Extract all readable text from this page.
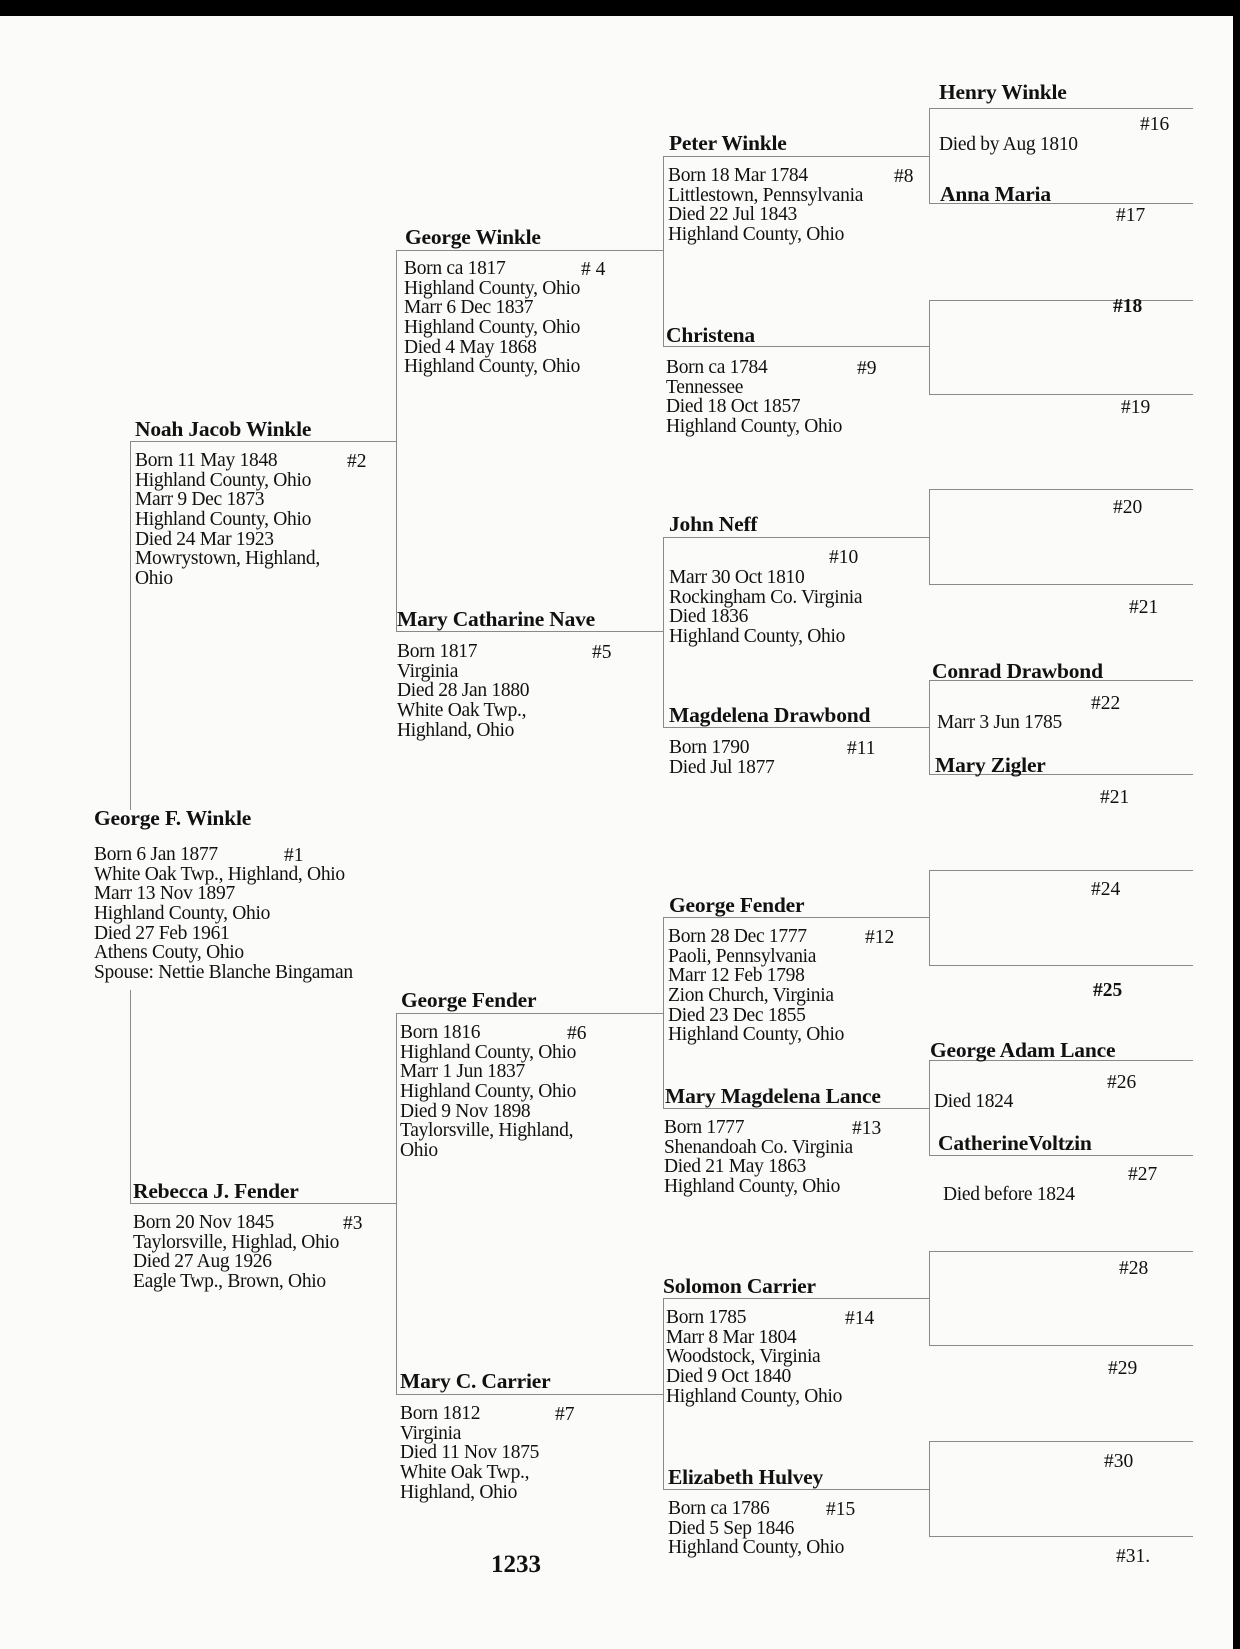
George F. Winkle
Born 6 Jan 1877
White Oak Twp., Highland, Ohio
Marr 13 Nov 1897
Highland County, Ohio
Died 27 Feb 1961
Athens Couty, Ohio
Spouse: Nettie Blanche Bingaman
#1
Noah Jacob Winkle
Born 11 May 1848
Highland County, Ohio
Marr 9 Dec 1873
Highland County, Ohio
Died 24 Mar 1923
Mowrystown, Highland,
Ohio
#2
Rebecca J. Fender
Born 20 Nov 1845
Taylorsville, Highlad, Ohio
Died 27 Aug 1926
Eagle Twp., Brown, Ohio
#3
George Winkle
Born ca 1817
Highland County, Ohio
Marr 6 Dec 1837
Highland County, Ohio
Died 4 May 1868
Highland County, Ohio
# 4
Mary Catharine Nave
Born 1817
Virginia
Died 28 Jan 1880
White Oak Twp.,
Highland, Ohio
#5
George Fender
Born 1816
Highland County, Ohio
Marr 1 Jun 1837
Highland County, Ohio
Died 9 Nov 1898
Taylorsville, Highland,
Ohio
#6
Mary C. Carrier
Born 1812
Virginia
Died 11 Nov 1875
White Oak Twp.,
Highland, Ohio
#7
Peter Winkle
Born 18 Mar 1784
Littlestown, Pennsylvania
Died 22 Jul 1843
Highland County, Ohio
#8
Christena
Born ca 1784
Tennessee
Died 18 Oct 1857
Highland County, Ohio
#9
John Neff
#10
Marr 30 Oct 1810
Rockingham Co. Virginia
Died 1836
Highland County, Ohio
Magdelena Drawbond
Born 1790
Died Jul 1877
#11
George Fender
Born 28 Dec 1777
Paoli, Pennsylvania
Marr 12 Feb 1798
Zion Church, Virginia
Died 23 Dec 1855
Highland County, Ohio
#12
Mary Magdelena Lance
Born 1777
Shenandoah Co. Virginia
Died 21 May 1863
Highland County, Ohio
#13
Solomon Carrier
Born 1785
Marr 8 Mar 1804
Woodstock, Virginia
Died 9 Oct 1840
Highland County, Ohio
#14
Elizabeth Hulvey
Born ca 1786
Died 5 Sep 1846
Highland County, Ohio
#15
Henry Winkle
#16
Died by Aug 1810
Anna Maria
#17
#18
#19
#20
#21
Conrad Drawbond
#22
Marr 3 Jun 1785
Mary Zigler
#21
#24
#25
George Adam Lance
#26
Died 1824
CatherineVoltzin
#27
Died before 1824
#28
#29
#30
#31.
1233
